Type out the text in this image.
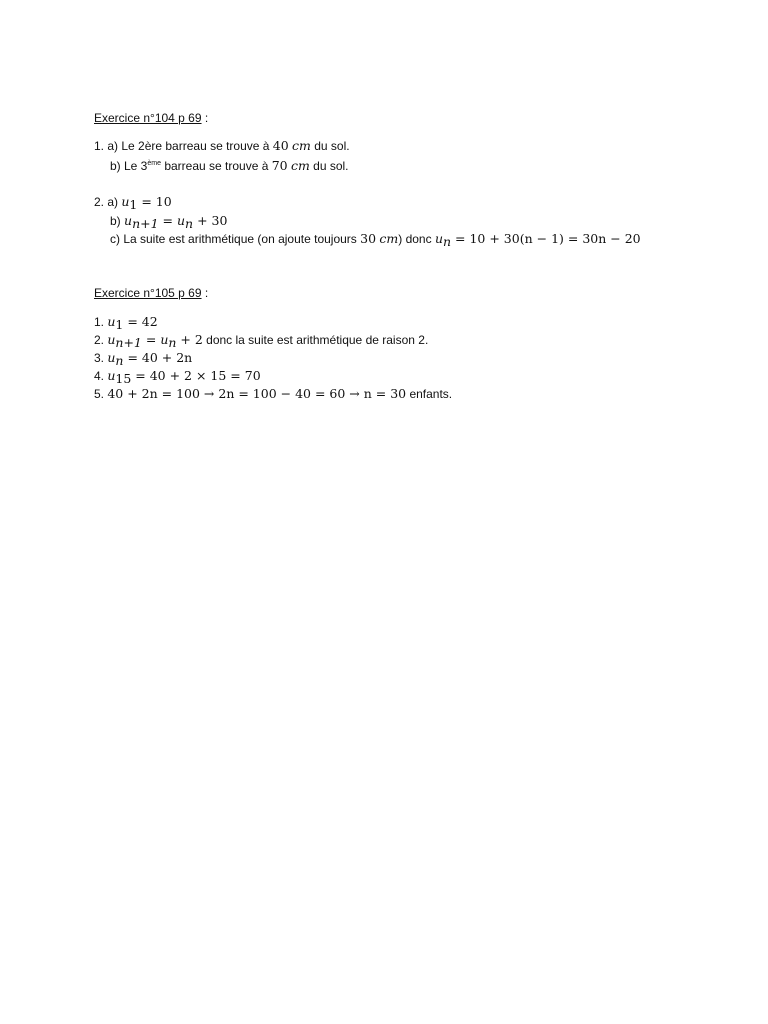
Exercice n°104 p 69 :
1. a) Le 2ère barreau se trouve à 40 cm du sol.
b) Le 3ème barreau se trouve à 70 cm du sol.
2. a) $u_1 = 10$
b) $u_{n+1} = u_n + 30$
c) La suite est arithmétique (on ajoute toujours 30 cm) donc $u_n = 10 + 30(n - 1) = 30n - 20$
Exercice n°105 p 69 :
1. $u_1 = 42$
2. $u_{n+1} = u_n + 2$ donc la suite est arithmétique de raison 2.
3. $u_n = 40 + 2n$
4. $u_{15} = 40 + 2 \times 15 = 70$
5. 40 + 2n = 100 → 2n = 100 − 40 = 60 → n = 30 enfants.
